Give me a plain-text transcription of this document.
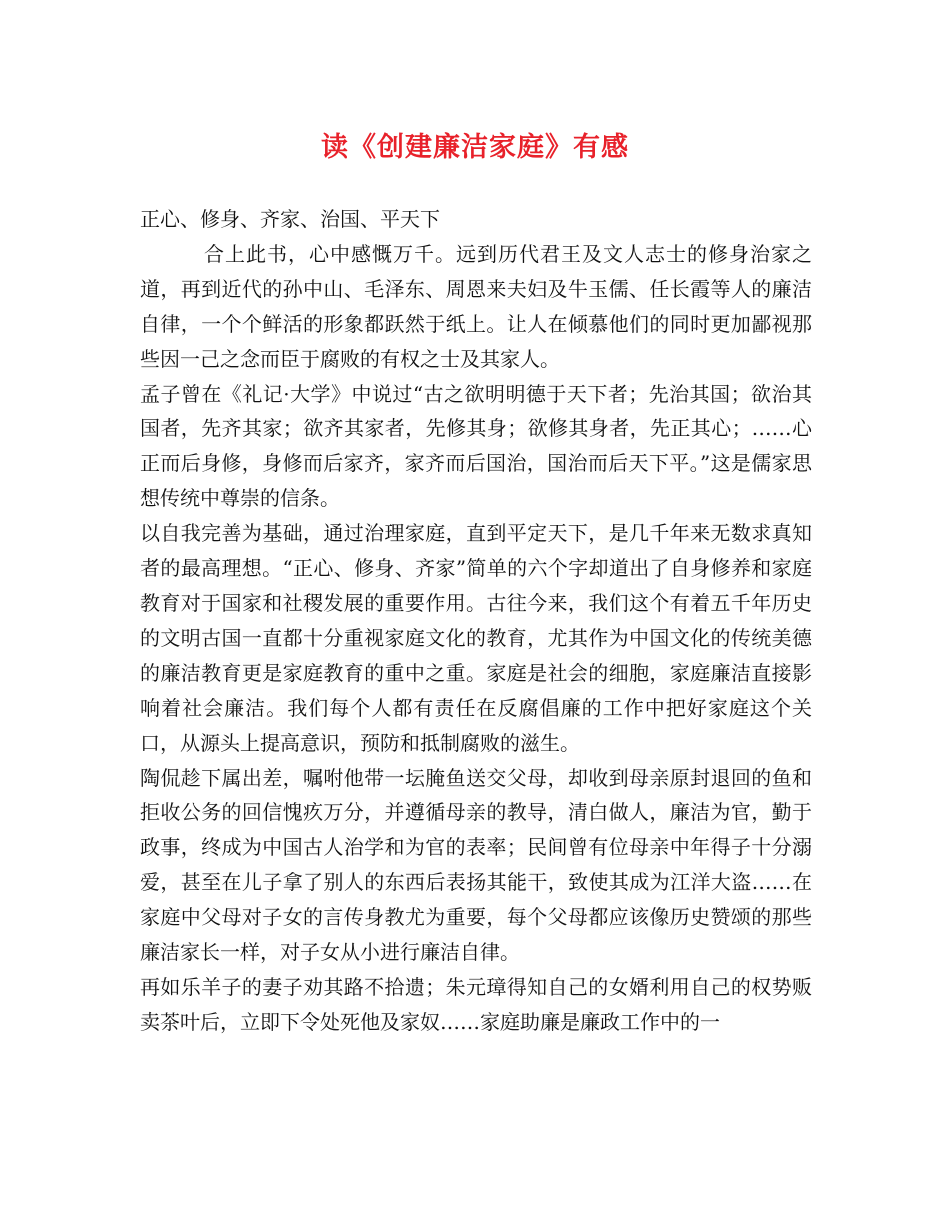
读《创建廉洁家庭》有感

正心、修身、齐家、治国、平天下

合上此书，心中感慨万千。远到历代君王及文人志士的修身治家之道，再到近代的孙中山、毛泽东、周恩来夫妇及牛玉儒、任长霞等人的廉洁自律，一个个鲜活的形象都跃然于纸上。让人在倾慕他们的同时更加鄙视那些因一己之念而臣于腐败的有权之士及其家人。

孟子曾在《礼记·大学》中说过“古之欲明明德于天下者；先治其国；欲治其国者，先齐其家；欲齐其家者，先修其身；欲修其身者，先正其心；……心正而后身修，身修而后家齐，家齐而后国治，国治而后天下平。”这是儒家思想传统中尊崇的信条。

以自我完善为基础，通过治理家庭，直到平定天下，是几千年来无数求真知者的最高理想。“正心、修身、齐家”简单的六个字却道出了自身修养和家庭教育对于国家和社稷发展的重要作用。古往今来，我们这个有着五千年历史的文明古国一直都十分重视家庭文化的教育，尤其作为中国文化的传统美德的廉洁教育更是家庭教育的重中之重。家庭是社会的细胞，家庭廉洁直接影响着社会廉洁。我们每个人都有责任在反腐倡廉的工作中把好家庭这个关口，从源头上提高意识，预防和抵制腐败的滋生。

陶侃趁下属出差，嘱咐他带一坛腌鱼送交父母，却收到母亲原封退回的鱼和拒收公务的回信愧疚万分，并遵循母亲的教导，清白做人，廉洁为官，勤于政事，终成为中国古人治学和为官的表率；民间曾有位母亲中年得子十分溺爱，甚至在儿子拿了别人的东西后表扬其能干，致使其成为江洋大盗……在家庭中父母对子女的言传身教尤为重要，每个父母都应该像历史赞颂的那些廉洁家长一样，对子女从小进行廉洁自律。

再如乐羊子的妻子劝其路不拾遗；朱元璋得知自己的女婿利用自己的权势贩卖茶叶后，立即下令处死他及家奴……家庭助廉是廉政工作中的一
